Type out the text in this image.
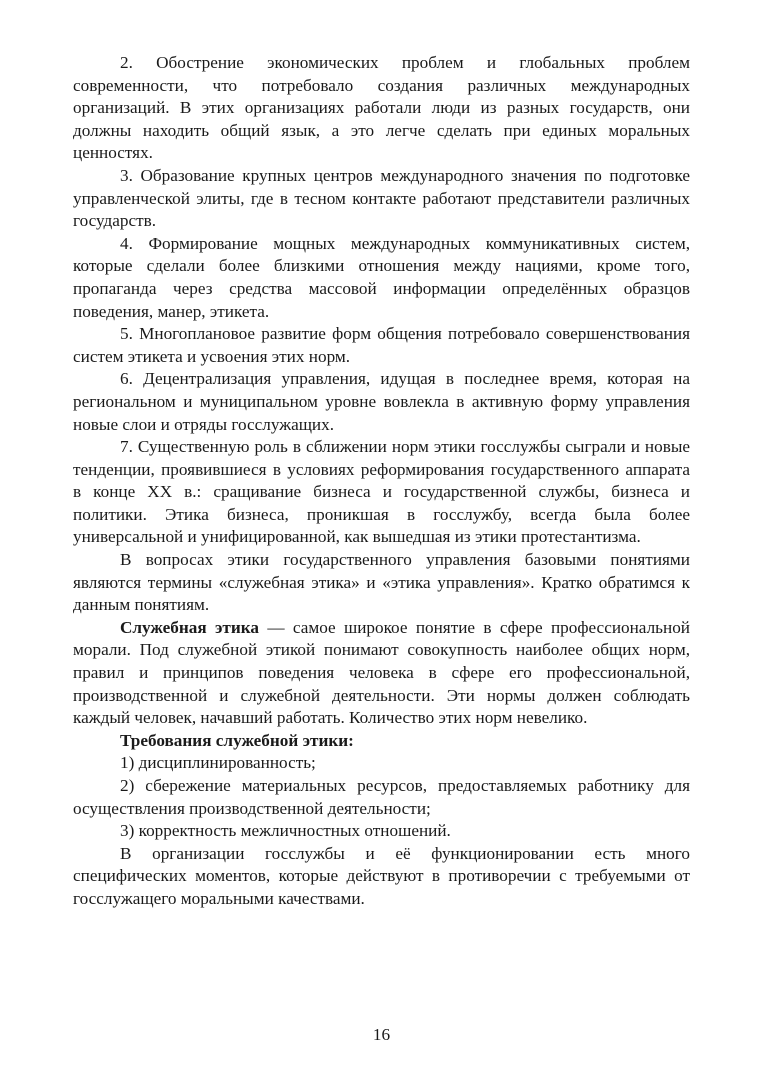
2. Обострение экономических проблем и глобальных проблем современности, что потребовало создания различных международных организаций. В этих организациях работали люди из разных государств, они должны находить общий язык, а это легче сделать при единых моральных ценностях.

3. Образование крупных центров международного значения по подготовке управленческой элиты, где в тесном контакте работают представители различных государств.

4. Формирование мощных международных коммуникативных систем, которые сделали более близкими отношения между нациями, кроме того, пропаганда через средства массовой информации определённых образцов поведения, манер, этикета.

5. Многоплановое развитие форм общения потребовало совершенствования систем этикета и усвоения этих норм.

6. Децентрализация управления, идущая в последнее время, которая на региональном и муниципальном уровне вовлекла в активную форму управления новые слои и отряды госслужащих.

7. Существенную роль в сближении норм этики госслужбы сыграли и новые тенденции, проявившиеся в условиях реформирования государственного аппарата в конце XX в.: сращивание бизнеса и государственной службы, бизнеса и политики. Этика бизнеса, проникшая в госслужбу, всегда была более универсальной и унифицированной, как вышедшая из этики протестантизма.

В вопросах этики государственного управления базовыми понятиями являются термины «служебная этика» и «этика управления». Кратко обратимся к данным понятиям.

Служебная этика — самое широкое понятие в сфере профессиональной морали. Под служебной этикой понимают совокупность наиболее общих норм, правил и принципов поведения человека в сфере его профессиональной, производственной и служебной деятельности. Эти нормы должен соблюдать каждый человек, начавший работать. Количество этих норм невелико.

Требования служебной этики:

1) дисциплинированность;

2) сбережение материальных ресурсов, предоставляемых работнику для осуществления производственной деятельности;

3) корректность межличностных отношений.

В организации госслужбы и её функционировании есть много специфических моментов, которые действуют в противоречии с требуемыми от госслужащего моральными качествами.

16
